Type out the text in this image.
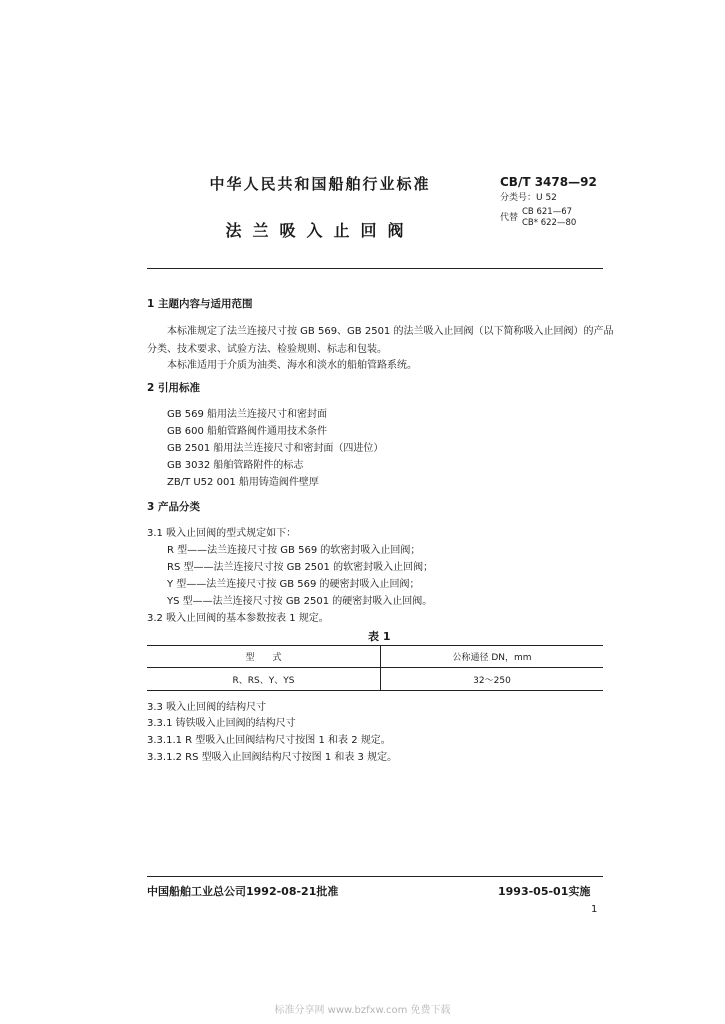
中华人民共和国船舶行业标准
法兰吸入止回阀
CB/T 3478—92
分类号：U 52
代替
CB 621—67
CB* 622—80
1 主题内容与适用范围
本标准规定了法兰连接尺寸按 GB 569、GB 2501 的法兰吸入止回阀（以下简称吸入止回阀）的产品
分类、技术要求、试验方法、检验规则、标志和包装。
本标准适用于介质为油类、海水和淡水的船舶管路系统。
2 引用标准
GB 569 船用法兰连接尺寸和密封面
GB 600 船舶管路阀件通用技术条件
GB 2501 船用法兰连接尺寸和密封面（四进位）
GB 3032 船舶管路附件的标志
ZB/T U52 001 船用铸造阀件壁厚
3 产品分类
3.1 吸入止回阀的型式规定如下：
R 型——法兰连接尺寸按 GB 569 的软密封吸入止回阀；
RS 型——法兰连接尺寸按 GB 2501 的软密封吸入止回阀；
Y 型——法兰连接尺寸按 GB 569 的硬密封吸入止回阀；
YS 型——法兰连接尺寸按 GB 2501 的硬密封吸入止回阀。
3.2 吸入止回阀的基本参数按表 1 规定。
表 1
型　　式	公称通径 DN，mm
R、RS、Y、YS	32～250
3.3 吸入止回阀的结构尺寸
3.3.1 铸铁吸入止回阀的结构尺寸
3.3.1.1 R 型吸入止回阀结构尺寸按图 1 和表 2 规定。
3.3.1.2 RS 型吸入止回阀结构尺寸按图 1 和表 3 规定。
中国船舶工业总公司1992-08-21批准	1993-05-01实施
1
标准分享网 www.bzfxw.com 免费下载
